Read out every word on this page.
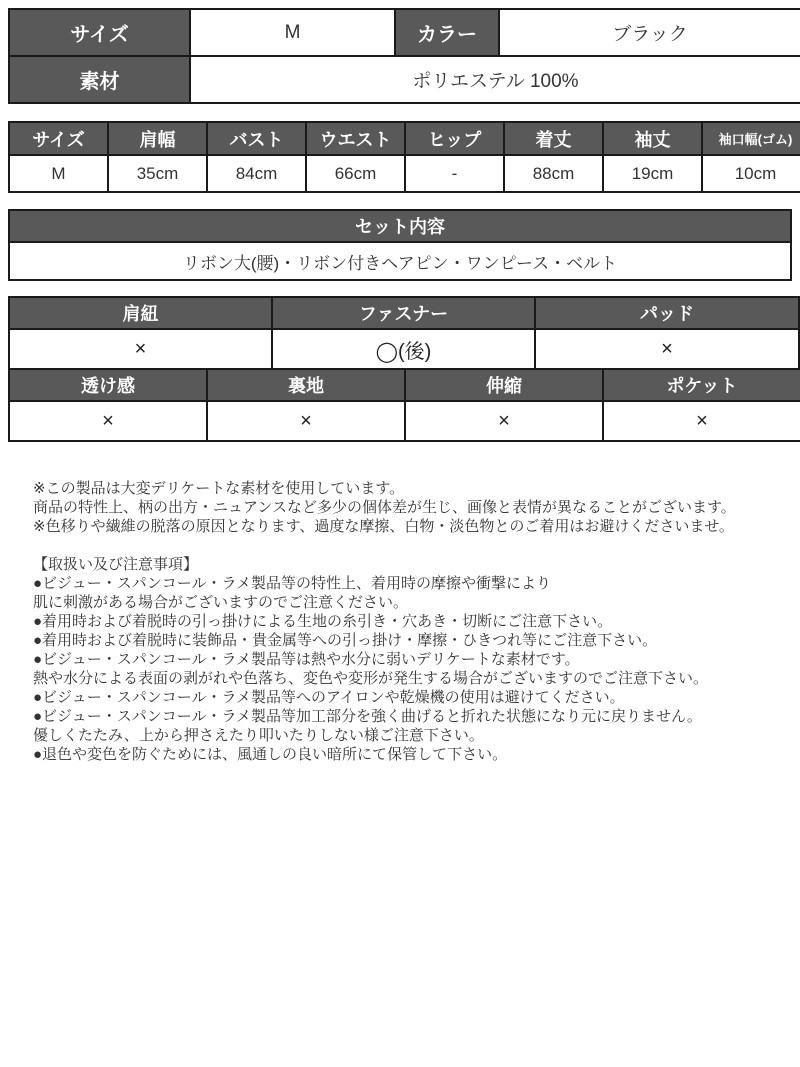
サイズ	M	カラー	ブラック
素材	ポリエステル 100%		
サイズ	肩幅	バスト	ウエスト	ヒップ	着丈	袖丈	袖口幅(ゴム)
M	35cm	84cm	66cm	-	88cm	19cm	10cm
セット内容
リボン大(腰)・リボン付きヘアピン・ワンピース・ベルト
肩紐	ファスナー	パッド
×	◯(後)	×
透け感	裏地	伸縮	ポケット
×	×	×	×

※この製品は大変デリケートな素材を使用しています。

商品の特性上、柄の出方・ニュアンスなど多少の個体差が生じ、画像と表情が異なることがございます。

※色移りや繊維の脱落の原因となります、過度な摩擦、白物・淡色物とのご着用はお避けくださいませ。

【取扱い及び注意事項】

●ビジュー・スパンコール・ラメ製品等の特性上、着用時の摩擦や衝撃により

肌に刺激がある場合がございますのでご注意ください。

●着用時および着脱時の引っ掛けによる生地の糸引き・穴あき・切断にご注意下さい。

●着用時および着脱時に装飾品・貴金属等への引っ掛け・摩擦・ひきつれ等にご注意下さい。

●ビジュー・スパンコール・ラメ製品等は熱や水分に弱いデリケートな素材です。

熱や水分による表面の剥がれや色落ち、変色や変形が発生する場合がございますのでご注意下さい。

●ビジュー・スパンコール・ラメ製品等へのアイロンや乾燥機の使用は避けてください。

●ビジュー・スパンコール・ラメ製品等加工部分を強く曲げると折れた状態になり元に戻りません。

優しくたたみ、上から押さえたり叩いたりしない様ご注意下さい。

●退色や変色を防ぐためには、風通しの良い暗所にて保管して下さい。
